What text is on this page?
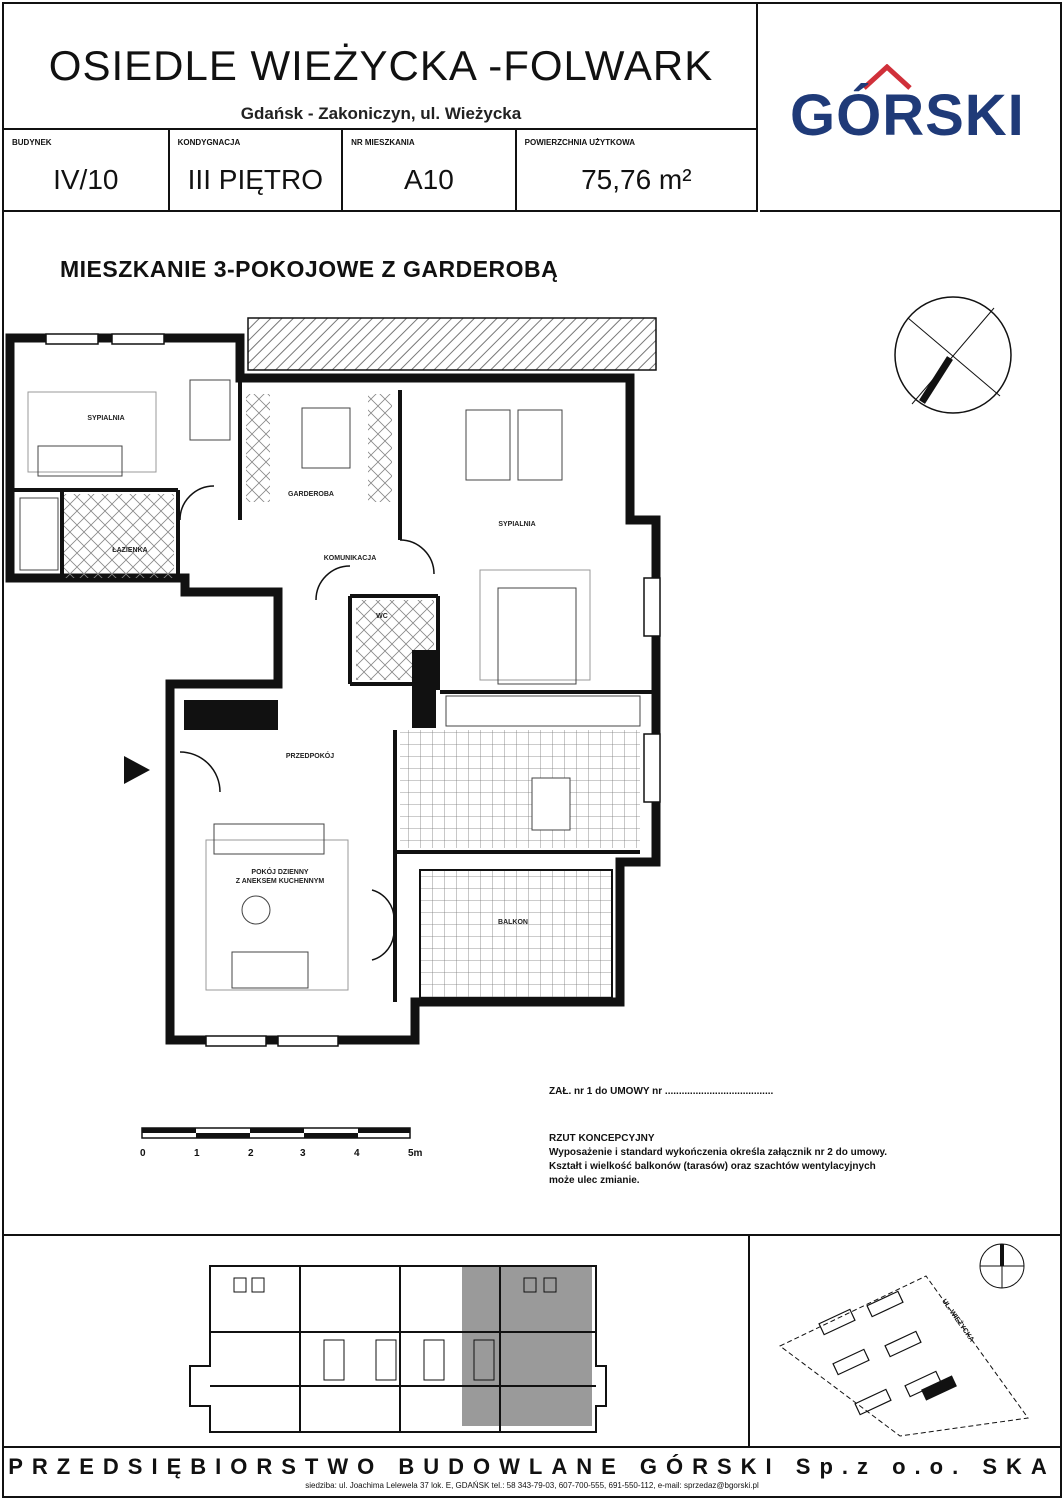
OSIEDLE WIEŻYCKA -FOLWARK
Gdańsk - Zakoniczyn, ul. Wieżycka	GÓRSKI
BUDYNEK
IV/10
KONDYGNACJA
III PIĘTRO
NR MIESZKANIA
A10
POWIERZCHNIA UŻYTKOWA
75,76 m²
MIESZKANIE 3-POKOJOWE Z GARDEROBĄ
SYPIALNIA
GARDEROBA
ŁAZIENKA
KOMUNIKACJA
SYPIALNIA
WC
PRZEDPOKÓJ
POKÓJ DZIENNY
Z ANEKSEM KUCHENNYM
BALKON
0	1	2	3	4	5m
ZAŁ. nr 1 do UMOWY nr .......................................
RZUT KONCEPCYJNY
Wyposażenie i standard wykończenia określa załącznik nr 2 do umowy.
Kształt i wielkość balkonów (tarasów) oraz szachtów wentylacyjnych
może ulec zmianie.
UL. WIEŻYCKA
PRZEDSIĘBIORSTWO BUDOWLANE GÓRSKI Sp.z o.o. SKA
siedziba: ul. Joachima Lelewela 37 lok. E, GDAŃSK tel.: 58 343-79-03, 607-700-555, 691-550-112, e-mail: sprzedaz@bgorski.pl
